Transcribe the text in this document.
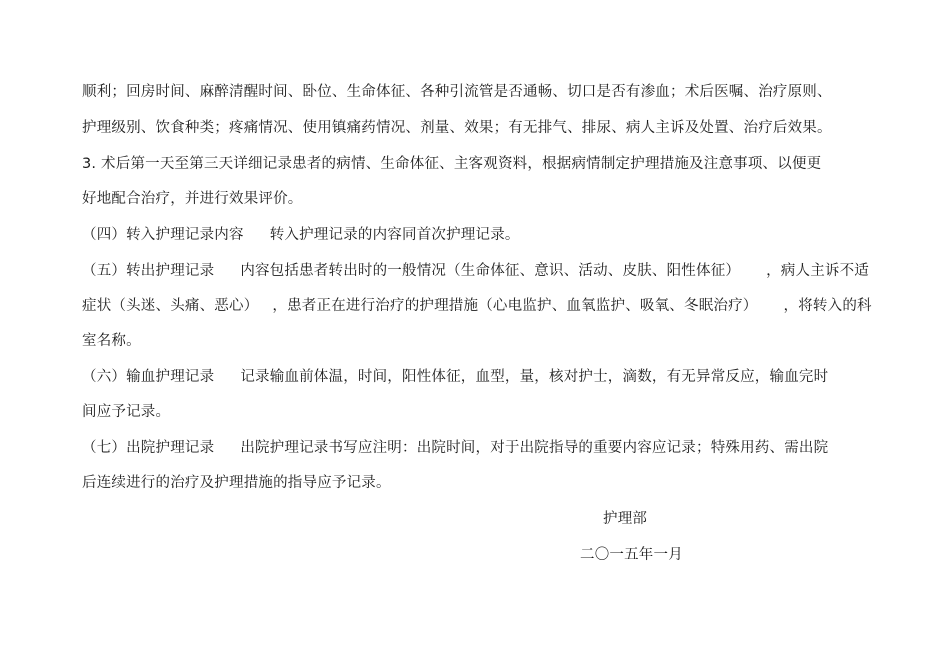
顺利；回房时间、麻醉清醒时间、卧位、生命体征、各种引流管是否通畅、切口是否有渗血；术后医嘱、治疗原则、
护理级别、饮食种类；疼痛情况、使用镇痛药情况、剂量、效果；有无排气、排尿、病人主诉及处置、治疗后效果。
3. 术后第一天至第三天详细记录患者的病情、生命体征、主客观资料，根据病情制定护理措施及注意事项、以便更
好地配合治疗，并进行效果评价。
（四）转入护理记录内容 转入护理记录的内容同首次护理记录。
（五）转出护理记录 内容包括患者转出时的一般情况（生命体征、意识、活动、皮肤、阳性体征） ，病人主诉不适
症状（头迷、头痛、恶心） ，患者正在进行治疗的护理措施（心电监护、血氧监护、吸氧、冬眠治疗） ，将转入的科
室名称。
（六）输血护理记录 记录输血前体温，时间，阳性体征，血型，量，核对护士，滴数，有无异常反应，输血完时
间应予记录。
（七）出院护理记录 出院护理记录书写应注明：出院时间，对于出院指导的重要内容应记录；特殊用药、需出院
后连续进行的治疗及护理措施的指导应予记录。
护理部
二〇一五年一月
